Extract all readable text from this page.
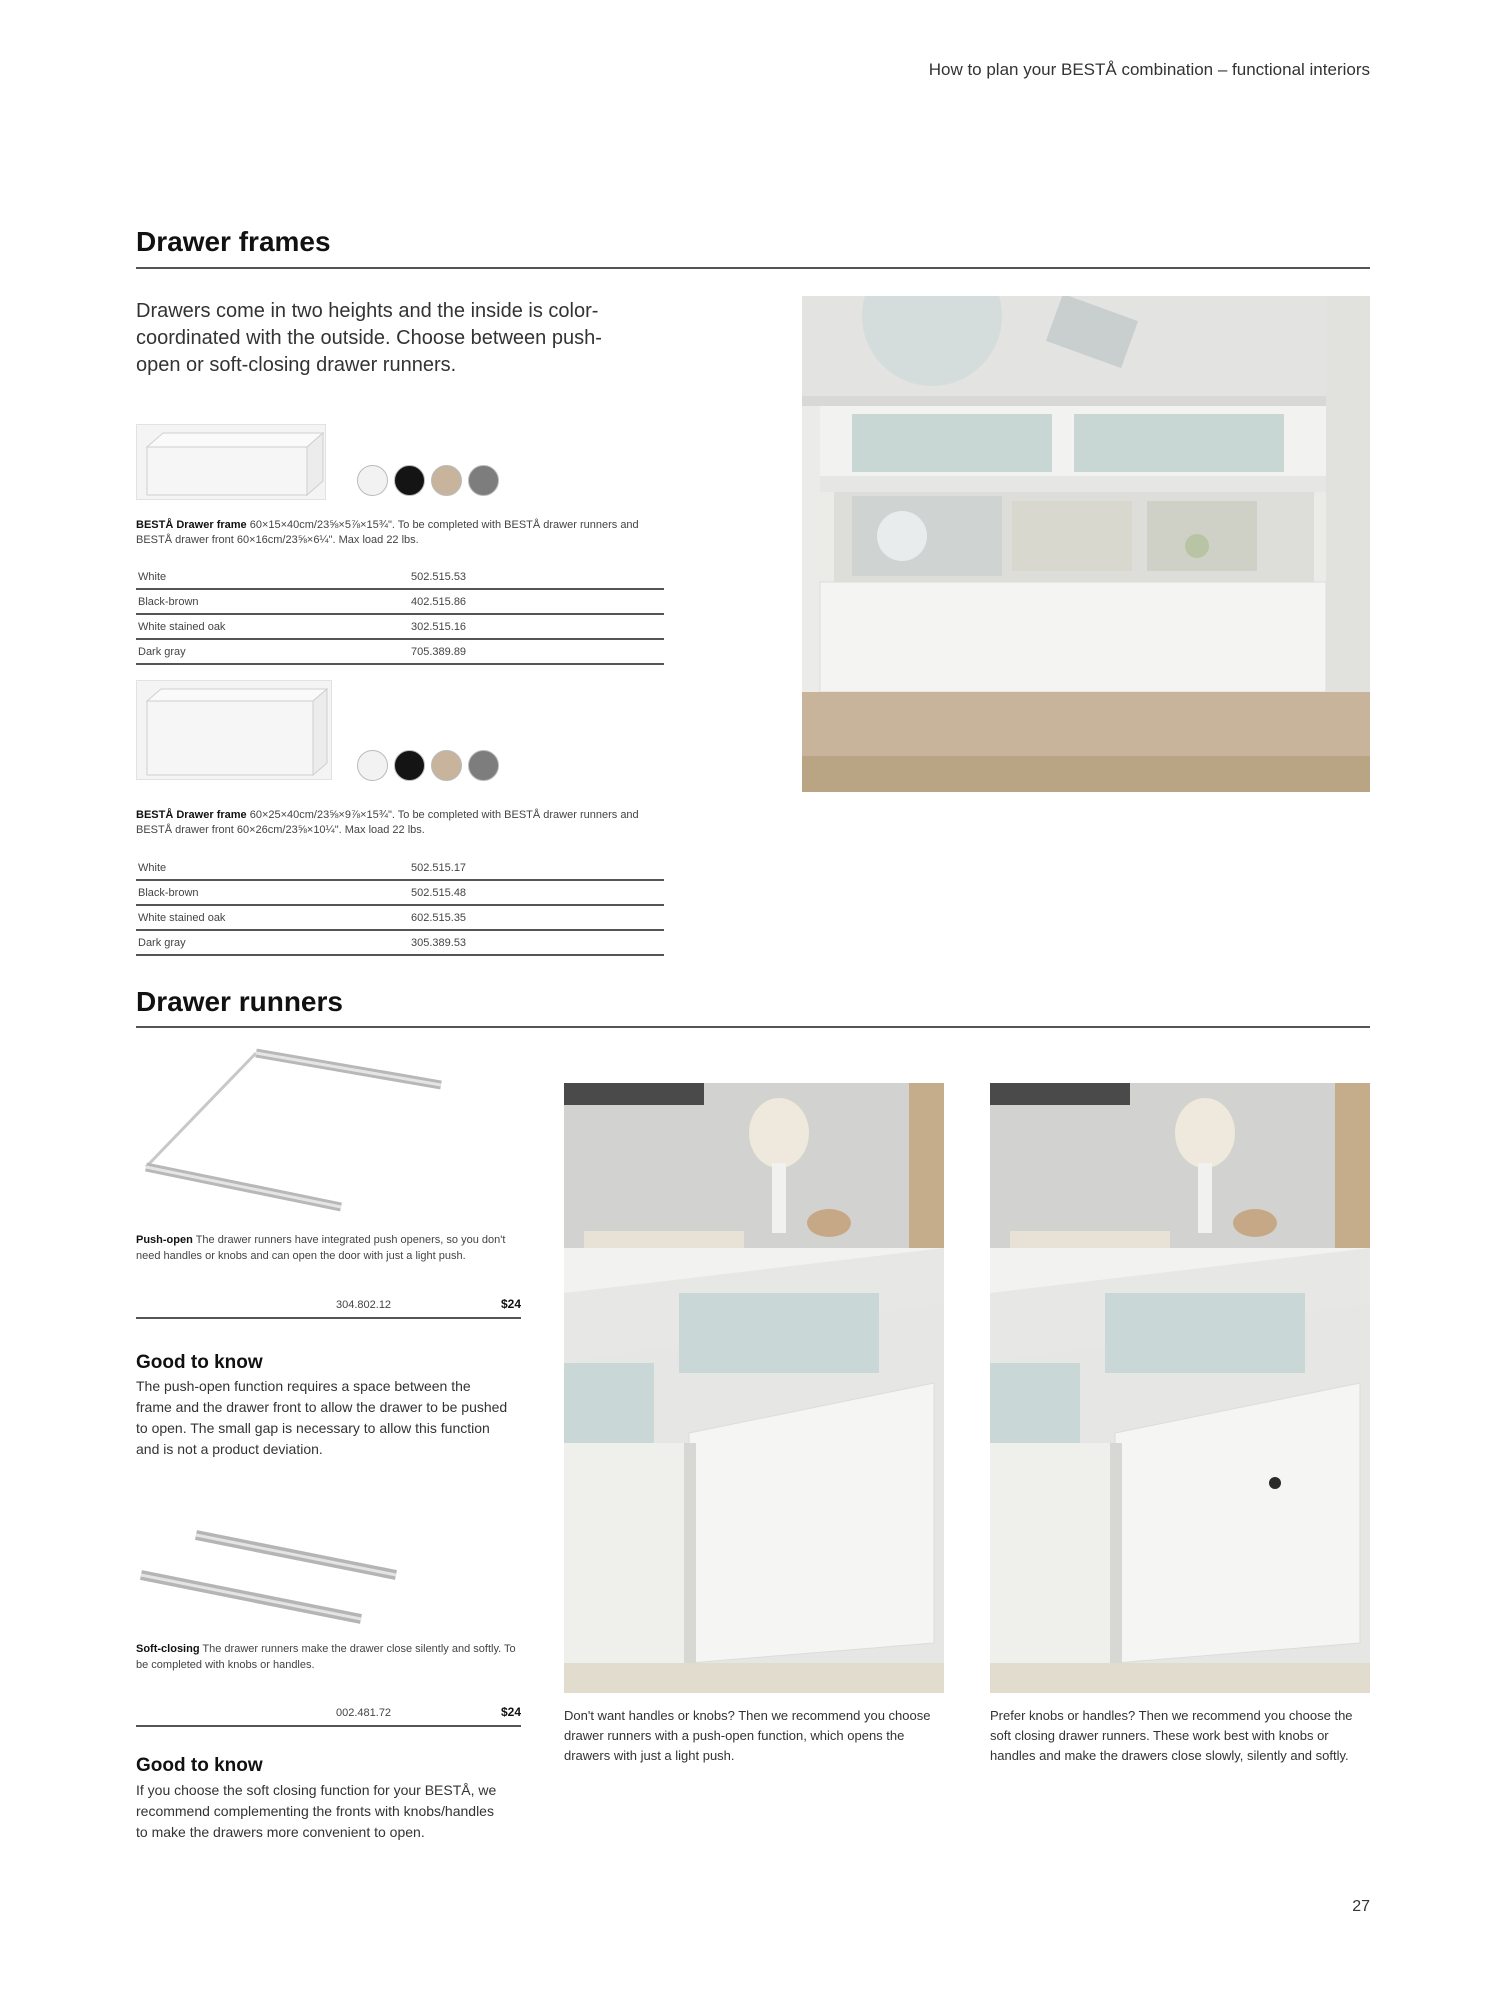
How to plan your BESTÅ combination – functional interiors
Drawer frames
Drawers come in two heights and the inside is color-coordinated with the outside. Choose between push-open or soft-closing drawer runners.
BESTÅ Drawer frame 60×15×40cm/23⅝×5⅞×15¾". To be completed with BESTÅ drawer runners and BESTÅ drawer front 60×16cm/23⅝×6¼". Max load 22 lbs.
White	502.515.53
Black-brown	402.515.86
White stained oak	302.515.16
Dark gray	705.389.89
BESTÅ Drawer frame 60×25×40cm/23⅝×9⅞×15¾". To be completed with BESTÅ drawer runners and BESTÅ drawer front 60×26cm/23⅝×10¼". Max load 22 lbs.
White	502.515.17
Black-brown	502.515.48
White stained oak	602.515.35
Dark gray	305.389.53
Drawer runners
Push-open The drawer runners have integrated push openers, so you don't need handles or knobs and can open the door with just a light push.
304.802.12	$24
Good to know
The push-open function requires a space between the frame and the drawer front to allow the drawer to be pushed to open. The small gap is necessary to allow this function and is not a product deviation.
Soft-closing The drawer runners make the drawer close silently and softly. To be completed with knobs or handles.
002.481.72	$24
Good to know
If you choose the soft closing function for your BESTÅ, we recommend complementing the fronts with knobs/handles to make the drawers more convenient to open.
Don't want handles or knobs? Then we recommend you choose drawer runners with a push-open function, which opens the drawers with just a light push.
Prefer knobs or handles? Then we recommend you choose the soft closing drawer runners. These work best with knobs or handles and make the drawers close slowly, silently and softly.
27
